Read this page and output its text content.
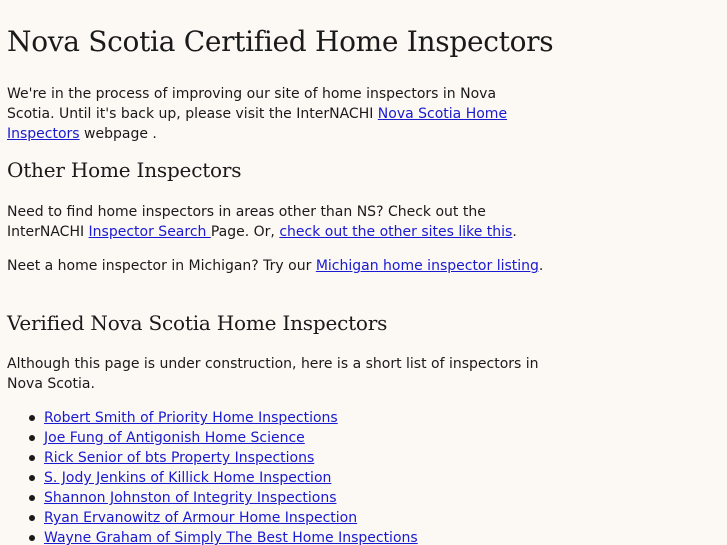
Nova Scotia Certified Home Inspectors

We're in the process of improving our site of home inspectors in Nova Scotia. Until it's back up, please visit the InterNACHI Nova Scotia Home Inspectors webpage .

Other Home Inspectors

Need to find home inspectors in areas other than NS? Check out the InterNACHI Inspector Search Page. Or, check out the other sites like this.

Neet a home inspector in Michigan? Try our Michigan home inspector listing.

Verified Nova Scotia Home Inspectors

Although this page is under construction, here is a short list of inspectors in Nova Scotia.

Robert Smith of Priority Home Inspections
Joe Fung of Antigonish Home Science
Rick Senior of bts Property Inspections
S. Jody Jenkins of Killick Home Inspection
Shannon Johnston of Integrity Inspections
Ryan Ervanowitz of Armour Home Inspection
Wayne Graham of Simply The Best Home Inspections
